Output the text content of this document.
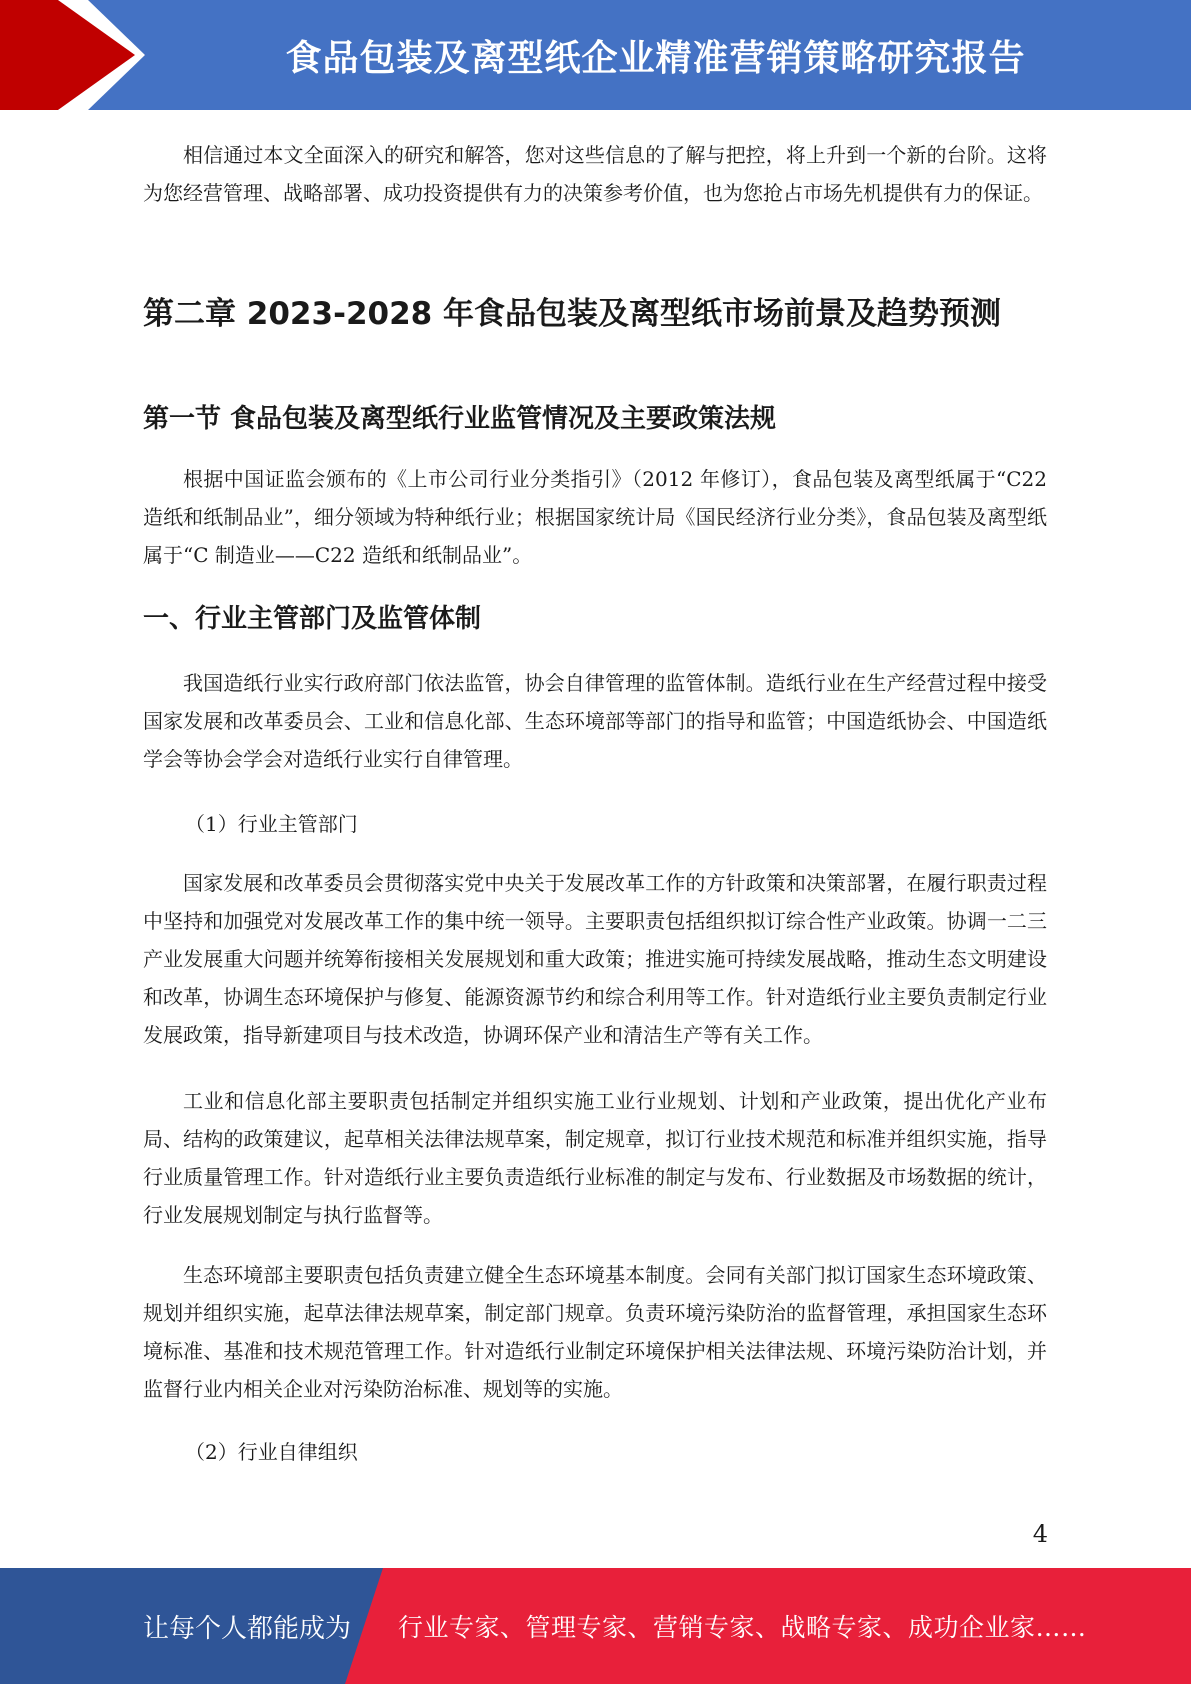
食品包装及离型纸企业精准营销策略研究报告

相信通过本文全面深入的研究和解答，您对这些信息的了解与把控，将上升到一个新的台阶。这将为您经营管理、战略部署、成功投资提供有力的决策参考价值，也为您抢占市场先机提供有力的保证。

第二章 2023-2028 年食品包装及离型纸市场前景及趋势预测
第一节 食品包装及离型纸行业监管情况及主要政策法规

根据中国证监会颁布的《上市公司行业分类指引》（2012 年修订），食品包装及离型纸属于“C22 造纸和纸制品业”，细分领域为特种纸行业；根据国家统计局《国民经济行业分类》，食品包装及离型纸属于“C 制造业——C22 造纸和纸制品业”。

一、行业主管部门及监管体制

我国造纸行业实行政府部门依法监管，协会自律管理的监管体制。造纸行业在生产经营过程中接受国家发展和改革委员会、工业和信息化部、生态环境部等部门的指导和监管；中国造纸协会、中国造纸学会等协会学会对造纸行业实行自律管理。

（1）行业主管部门

国家发展和改革委员会贯彻落实党中央关于发展改革工作的方针政策和决策部署，在履行职责过程中坚持和加强党对发展改革工作的集中统一领导。主要职责包括组织拟订综合性产业政策。协调一二三产业发展重大问题并统筹衔接相关发展规划和重大政策；推进实施可持续发展战略，推动生态文明建设和改革，协调生态环境保护与修复、能源资源节约和综合利用等工作。针对造纸行业主要负责制定行业发展政策，指导新建项目与技术改造，协调环保产业和清洁生产等有关工作。

工业和信息化部主要职责包括制定并组织实施工业行业规划、计划和产业政策，提出优化产业布局、结构的政策建议，起草相关法律法规草案，制定规章，拟订行业技术规范和标准并组织实施，指导行业质量管理工作。针对造纸行业主要负责造纸行业标准的制定与发布、行业数据及市场数据的统计，行业发展规划制定与执行监督等。

生态环境部主要职责包括负责建立健全生态环境基本制度。会同有关部门拟订国家生态环境政策、规划并组织实施，起草法律法规草案，制定部门规章。负责环境污染防治的监督管理，承担国家生态环境标准、基准和技术规范管理工作。针对造纸行业制定环境保护相关法律法规、环境污染防治计划，并监督行业内相关企业对污染防治标准、规划等的实施。

（2）行业自律组织

4
让每个人都能成为 行业专家、管理专家、营销专家、战略专家、成功企业家……
